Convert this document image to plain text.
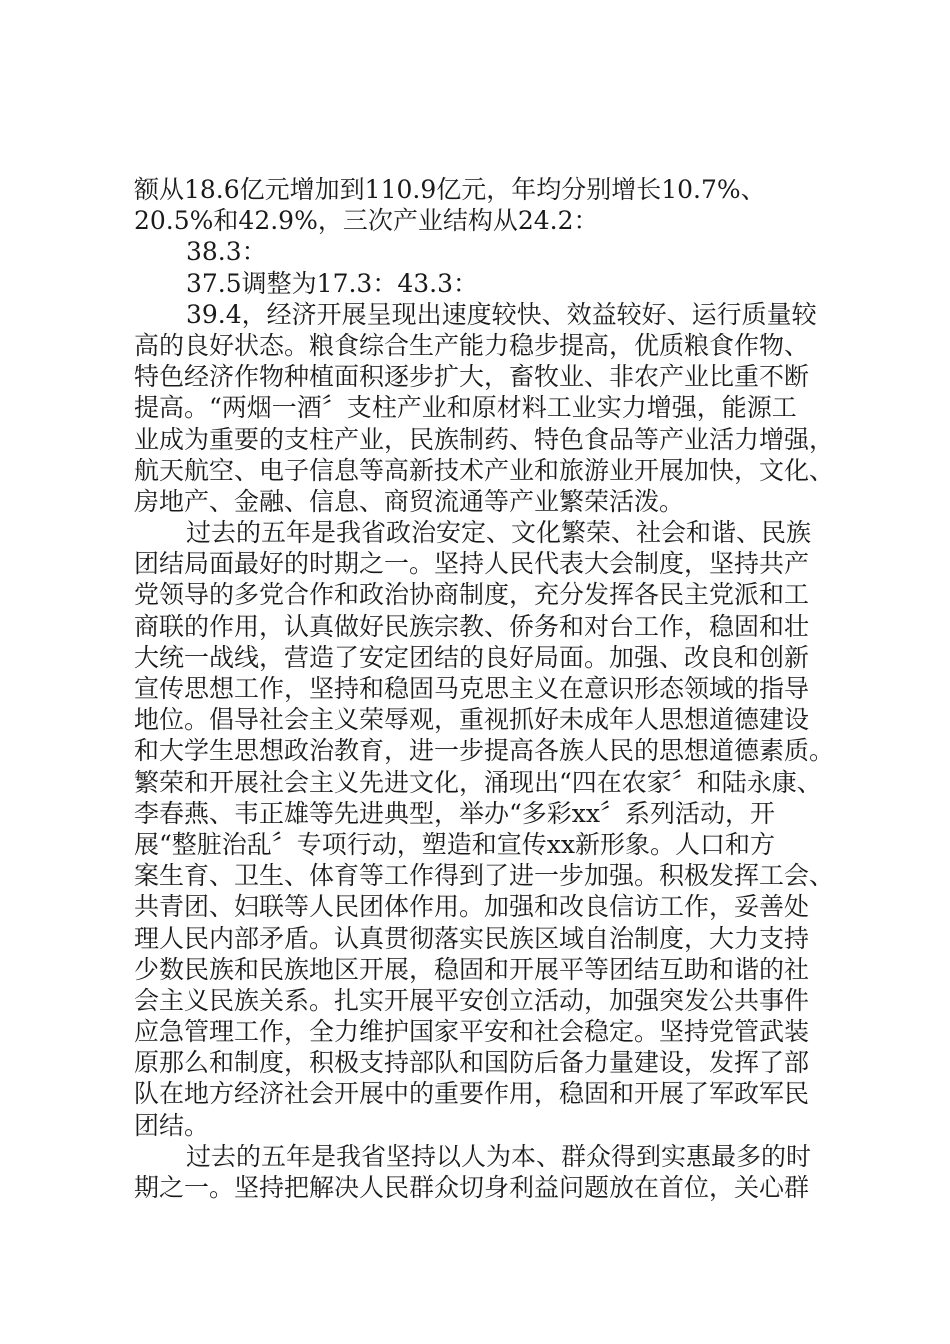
额从18.6亿元增加到110.9亿元，年均分别增长10.7%、
20.5%和42.9%，三次产业结构从24.2：
38.3：
37.5调整为17.3：43.3：
39.4，经济开展呈现出速度较快、效益较好、运行质量较
高的良好状态。粮食综合生产能力稳步提高，优质粮食作物、
特色经济作物种植面积逐步扩大，畜牧业、非农产业比重不断
提高。“两烟一酒〞支柱产业和原材料工业实力增强，能源工
业成为重要的支柱产业，民族制药、特色食品等产业活力增强，
航天航空、电子信息等高新技术产业和旅游业开展加快，文化、
房地产、金融、信息、商贸流通等产业繁荣活泼。
过去的五年是我省政治安定、文化繁荣、社会和谐、民族
团结局面最好的时期之一。坚持人民代表大会制度，坚持共产
党领导的多党合作和政治协商制度，充分发挥各民主党派和工
商联的作用，认真做好民族宗教、侨务和对台工作，稳固和壮
大统一战线，营造了安定团结的良好局面。加强、改良和创新
宣传思想工作，坚持和稳固马克思主义在意识形态领域的指导
地位。倡导社会主义荣辱观，重视抓好未成年人思想道德建设
和大学生思想政治教育，进一步提高各族人民的思想道德素质。
繁荣和开展社会主义先进文化，涌现出“四在农家〞和陆永康、
李春燕、韦正雄等先进典型，举办“多彩xx〞系列活动，开
展“整脏治乱〞专项行动，塑造和宣传xx新形象。人口和方
案生育、卫生、体育等工作得到了进一步加强。积极发挥工会、
共青团、妇联等人民团体作用。加强和改良信访工作，妥善处
理人民内部矛盾。认真贯彻落实民族区域自治制度，大力支持
少数民族和民族地区开展，稳固和开展平等团结互助和谐的社
会主义民族关系。扎实开展平安创立活动，加强突发公共事件
应急管理工作，全力维护国家平安和社会稳定。坚持党管武装
原那么和制度，积极支持部队和国防后备力量建设，发挥了部
队在地方经济社会开展中的重要作用，稳固和开展了军政军民
团结。
过去的五年是我省坚持以人为本、群众得到实惠最多的时
期之一。坚持把解决人民群众切身利益问题放在首位，关心群
